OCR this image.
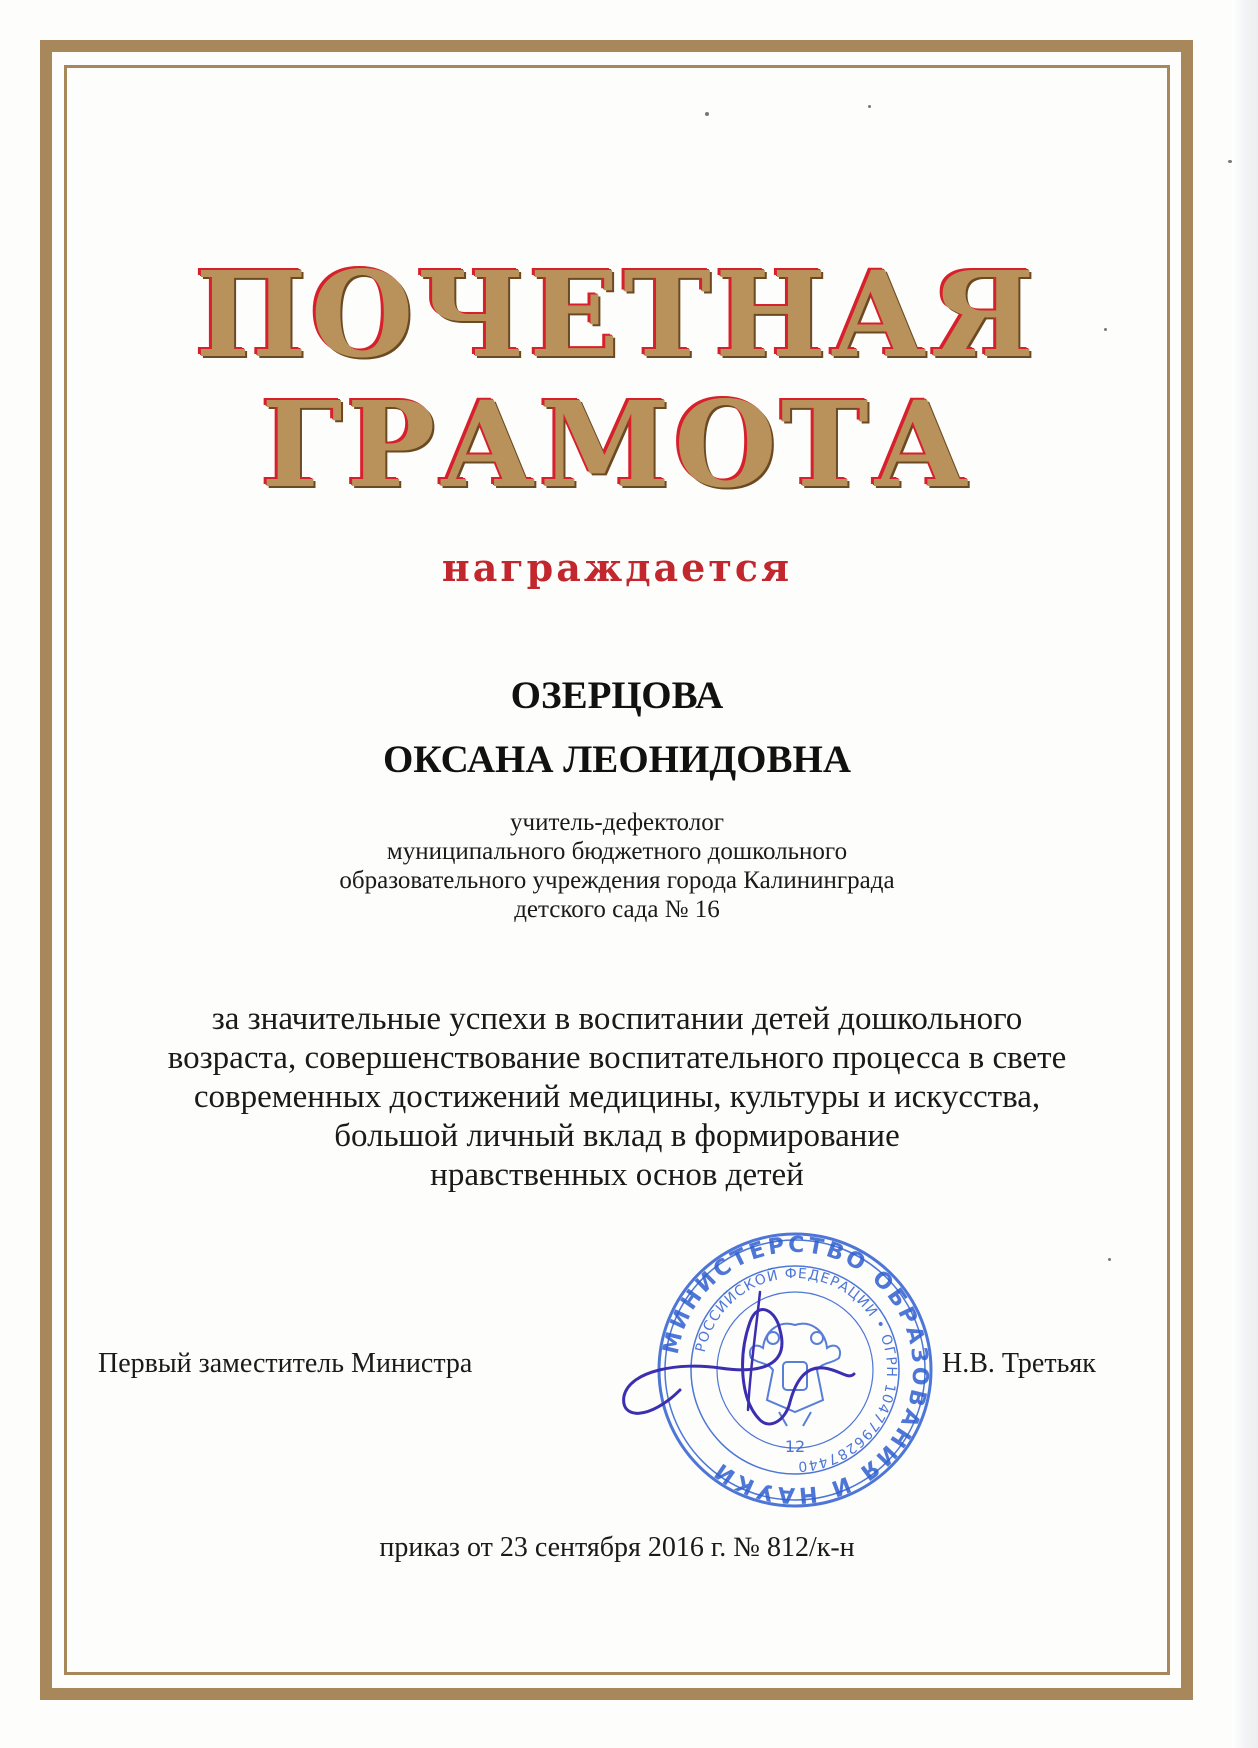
ПОЧЕТНАЯ
ГРАМОТА
награждается
ОЗЕРЦОВА
ОКСАНА ЛЕОНИДОВНА
учитель-дефектолог
муниципального бюджетного дошкольного
образовательного учреждения города Калининграда
детского сада № 16
за значительные успехи в воспитании детей дошкольного
возраста, совершенствование воспитательного процесса в свете
современных достижений медицины, культуры и искусства,
большой личный вклад в формирование
нравственных основ детей
Первый заместитель Министра	Н.В. Третьяк
МИНИСТЕРСТВО ОБРАЗОВАНИЯ И НАУКИ
РОССИЙСКОЙ ФЕДЕРАЦИИ • ОГРН 1047796287440
12
приказ от 23 сентября 2016 г. № 812/к-н
